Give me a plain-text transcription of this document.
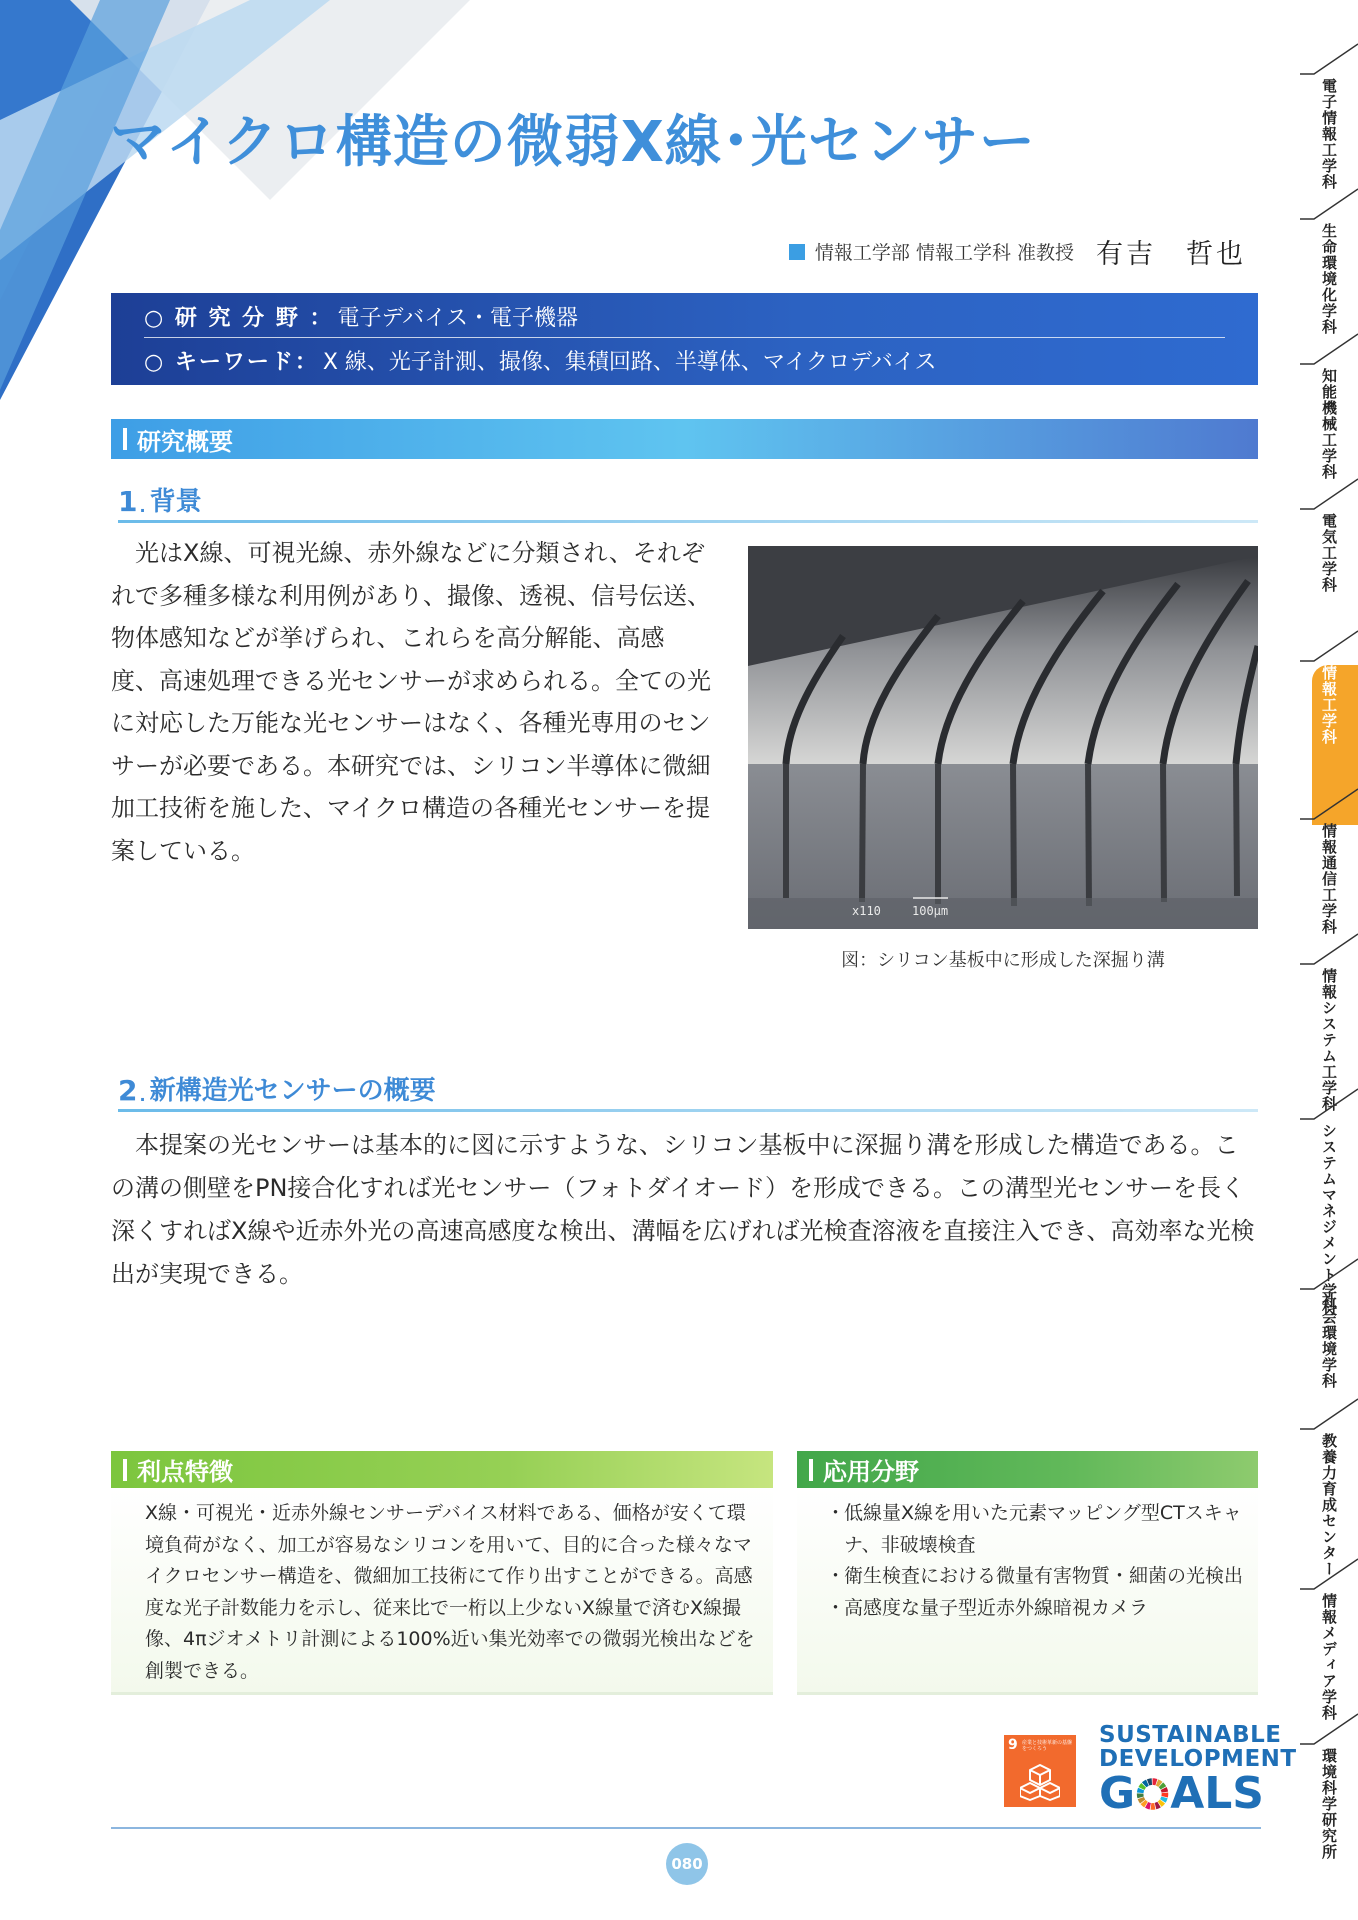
マイクロ構造の微弱X線･光センサー
情報工学部 情報工学科 准教授 有吉　哲也
○ 研 究 分 野 ： 電子デバイス・電子機器
○ キーワード： X 線、光子計測、撮像、集積回路、半導体、マイクロデバイス
研究概要
1 . 背景
光はX線、可視光線、赤外線などに分類され、それぞれで多種多様な利用例があり、撮像、透視、信号伝送、物体感知などが挙げられ、これらを高分解能、高感度、高速処理できる光センサーが求められる。全ての光に対応した万能な光センサーはなく、各種光専用のセンサーが必要である。本研究では、シリコン半導体に微細加工技術を施した、マイクロ構造の各種光センサーを提案している。
x110	100μm
図：シリコン基板中に形成した深掘り溝
2 . 新構造光センサーの概要
本提案の光センサーは基本的に図に示すような、シリコン基板中に深掘り溝を形成した構造である。この溝の側壁をPN接合化すれば光センサー（フォトダイオード）を形成できる。この溝型光センサーを長く深くすればX線や近赤外光の高速高感度な検出、溝幅を広げれば光検査溶液を直接注入でき、高効率な光検出が実現できる。
利点特徴
X線・可視光・近赤外線センサーデバイス材料である、価格が安くて環境負荷がなく、加工が容易なシリコンを用いて、目的に合った様々なマイクロセンサー構造を、微細加工技術にて作り出すことができる。高感度な光子計数能力を示し、従来比で一桁以上少ないX線量で済むX線撮像、4πジオメトリ計測による100%近い集光効率での微弱光検出などを創製できる。
応用分野
・ 低線量X線を用いた元素マッピング型CTスキャナ、非破壊検査
・ 衛生検査における微量有害物質・細菌の光検出
・ 高感度な量子型近赤外線暗視カメラ
9 産業と技術革新の基盤をつくろう
SUSTAINABLE
DEVELOPMENT
G ALS
080
電子情報工学科
生命環境化学科
知能機械工学科
電気工学科
情報工学科
情報通信工学科
情報システム工学科
システムマネジメント学科
社会環境学科
教養力育成センター
情報メディア学科
環境科学研究所
